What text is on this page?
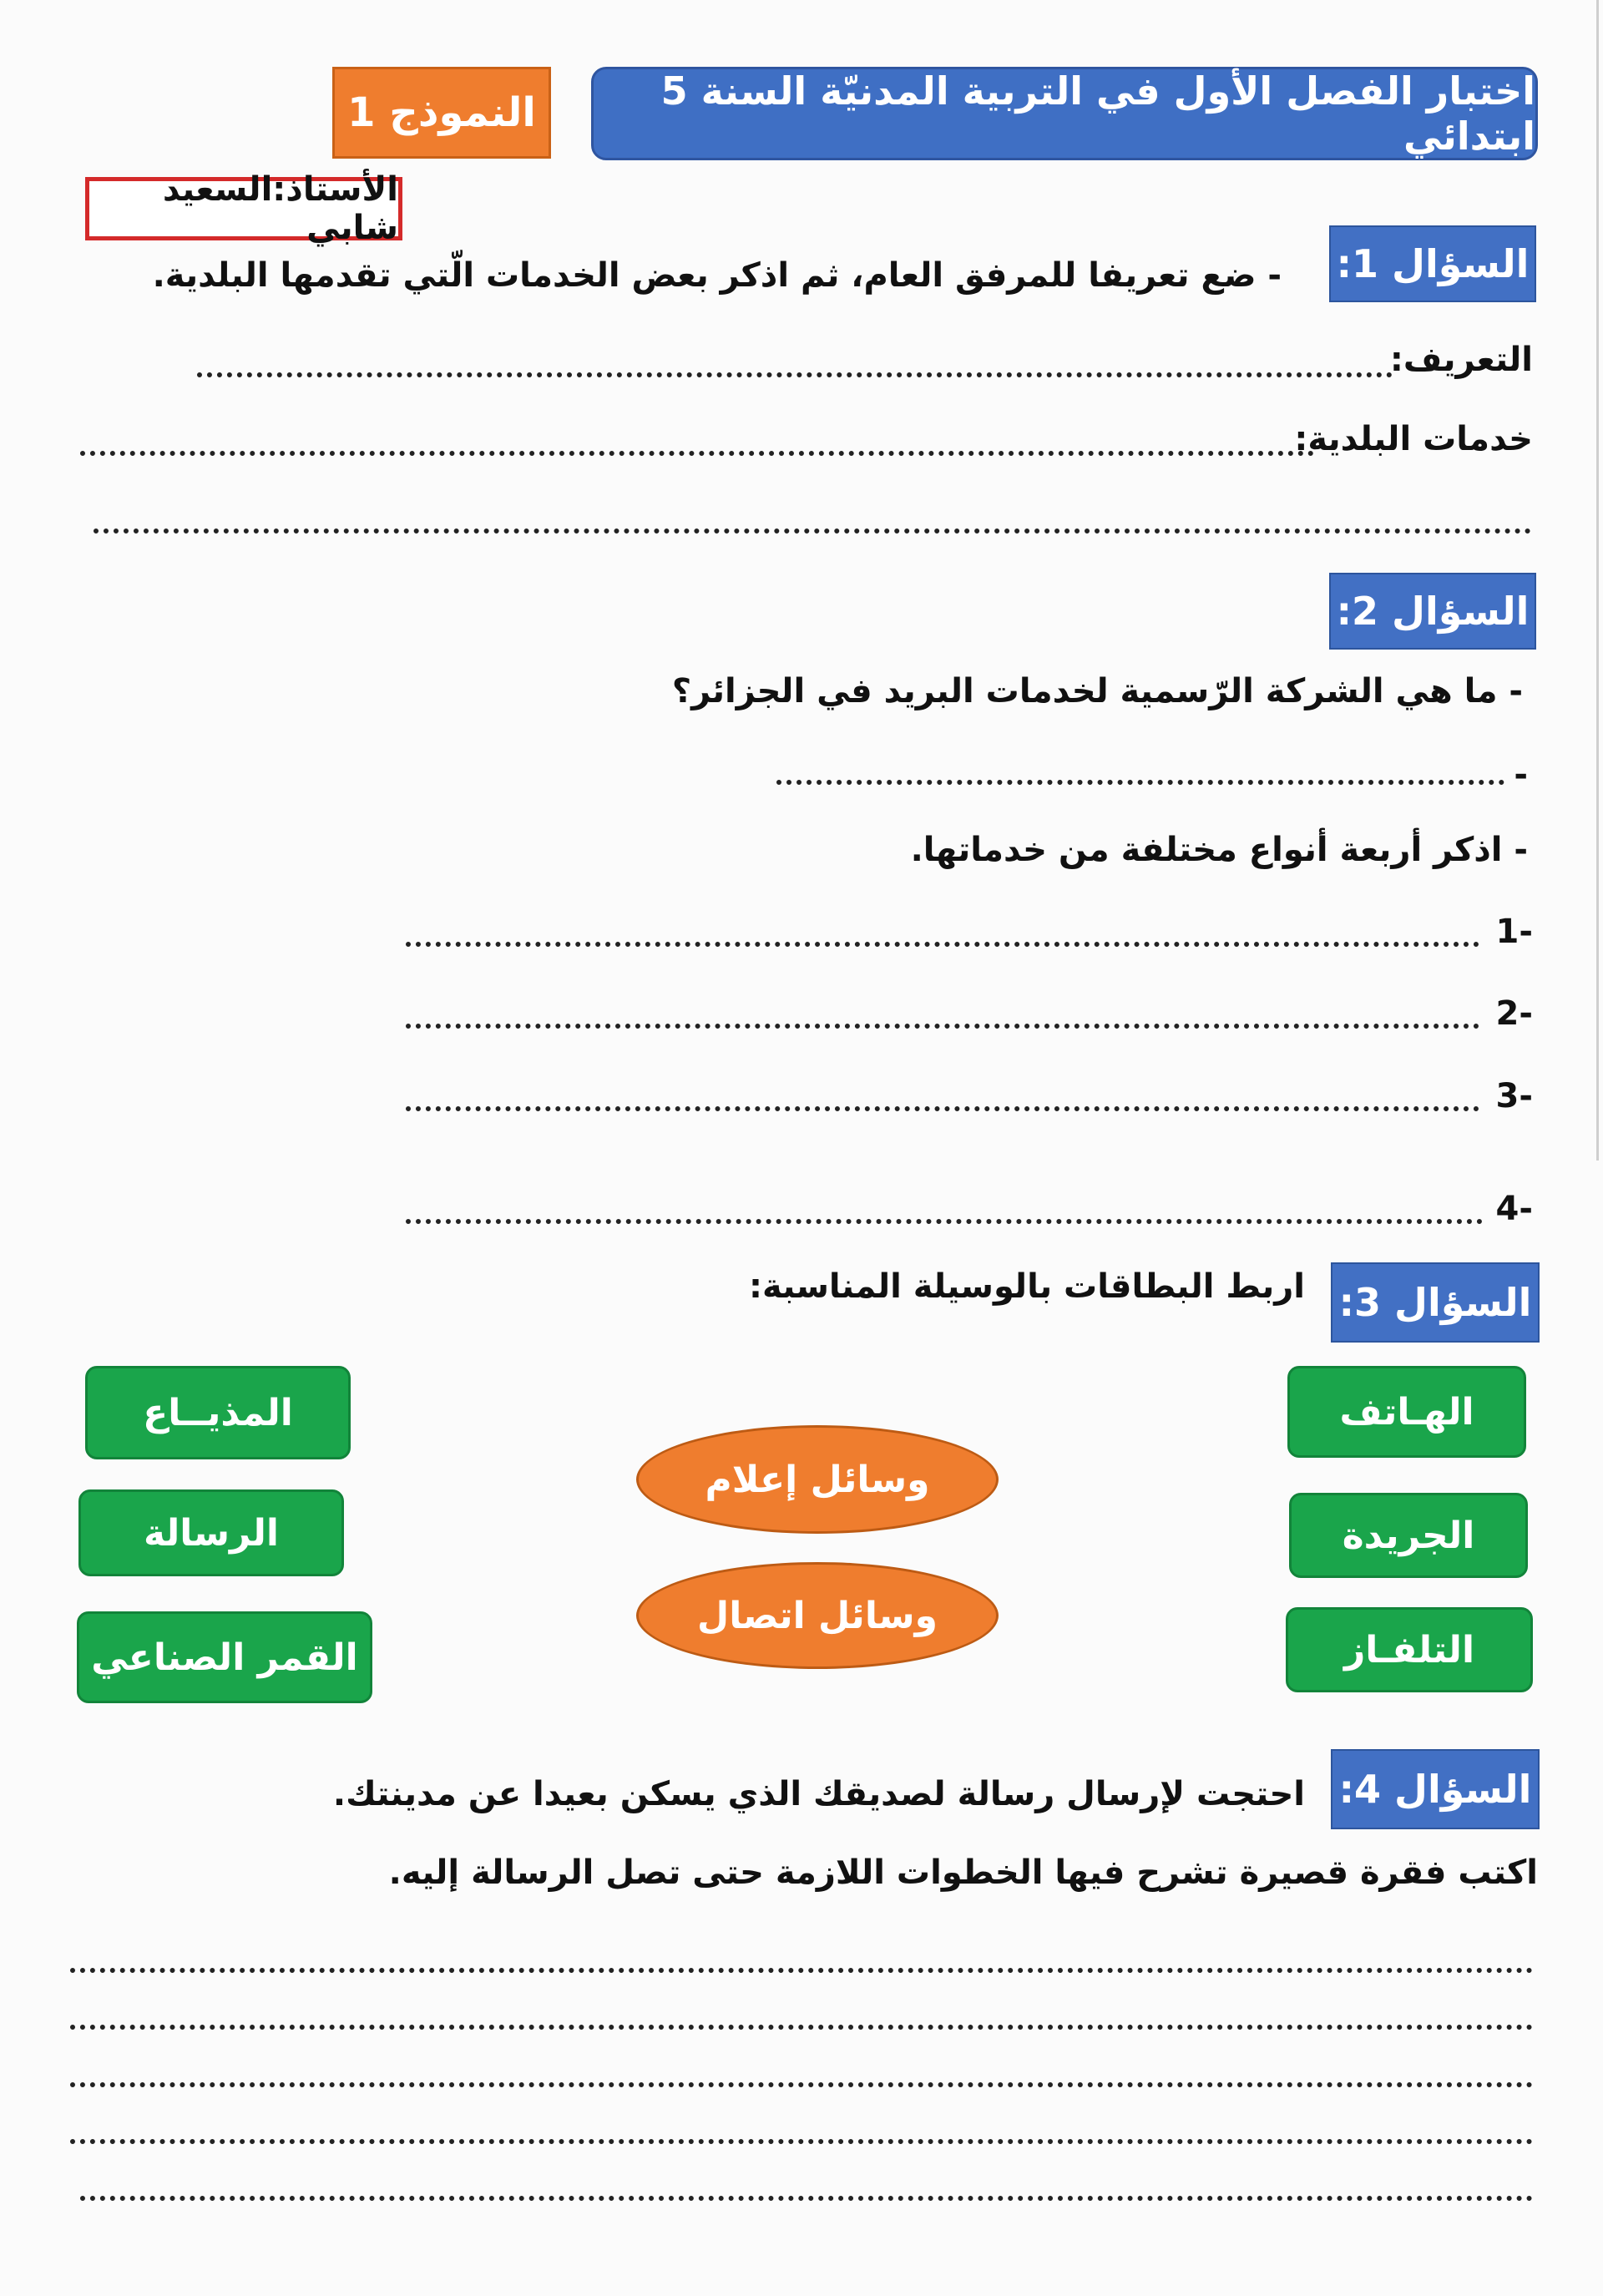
اختبار الفصل الأول في التربية المدنيّة السنة 5 ابتدائي
النموذج 1
الأستاذ:السعيد شابي
السؤال 1:
- ضع تعريفا للمرفق العام، ثم اذكر بعض الخدمات الّتي تقدمها البلدية.
التعريف:
خدمات البلدية:
السؤال 2:
- ما هي الشركة الرّسمية لخدمات البريد في الجزائر؟
-
- اذكر أربعة أنواع مختلفة من خدماتها.
-1
-2
-3
-4
السؤال 3:
اربط البطاقات بالوسيلة المناسبة:
الهـاتف
الجريدة
التلفـاز
المذيــاع
الرسالة
القمر الصناعي
وسائل إعلام
وسائل اتصال
السؤال 4:
احتجت لإرسال رسالة لصديقك الذي يسكن بعيدا عن مدينتك.
اكتب فقرة قصيرة تشرح فيها الخطوات اللازمة حتى تصل الرسالة إليه.
